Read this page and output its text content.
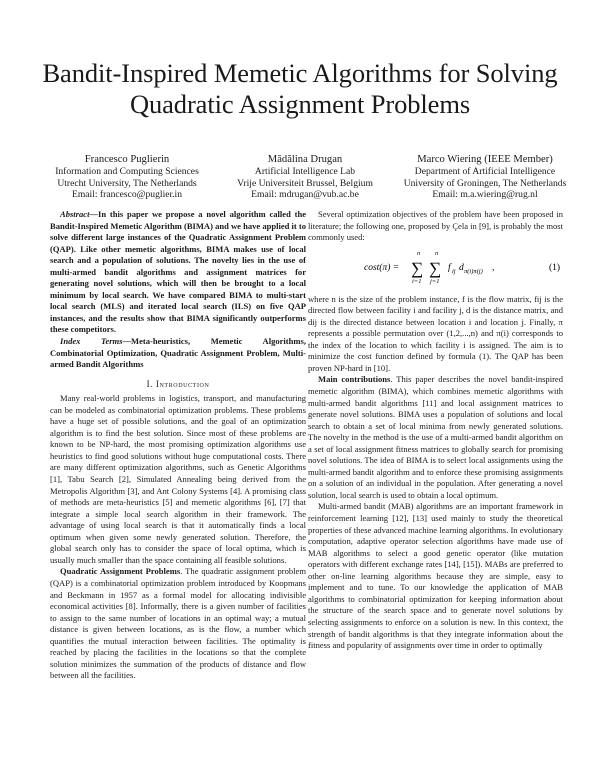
Bandit-Inspired Memetic Algorithms for Solving
Quadratic Assignment Problems
Francesco Puglierin
Information and Computing Sciences
Utrecht University, The Netherlands
Email: francesco@puglier.in
Mădălina Drugan
Artificial Intelligence Lab
Vrije Universiteit Brussel, Belgium
Email: mdrugan@vub.ac.be
Marco Wiering (IEEE Member)
Department of Artificial Intelligence
University of Groningen, The Netherlands
Email: m.a.wiering@rug.nl

Abstract—In this paper we propose a novel algorithm called the Bandit-Inspired Memetic Algorithm (BIMA) and we have applied it to solve different large instances of the Quadratic Assignment Problem (QAP). Like other memetic algorithms, BIMA makes use of local search and a population of solutions. The novelty lies in the use of multi-armed bandit algorithms and assignment matrices for generating novel solutions, which will then be brought to a local minimum by local search. We have compared BIMA to multi-start local search (MLS) and iterated local search (ILS) on five QAP instances, and the results show that BIMA significantly outperforms these competitors.

Index Terms—Meta-heuristics, Memetic Algorithms, Combinatorial Optimization, Quadratic Assignment Problem, Multi-armed Bandit Algorithms

I. Introduction

Many real-world problems in logistics, transport, and manufacturing can be modeled as combinatorial optimization problems. These problems have a huge set of possible solutions, and the goal of an optimization algorithm is to find the best solution. Since most of these problems are known to be NP-hard, the most promising optimization algorithms use heuristics to find good solutions without huge computational costs. There are many different optimization algorithms, such as Genetic Algorithms [1], Tabu Search [2], Simulated Annealing being derived from the Metropolis Algorithm [3], and Ant Colony Systems [4]. A promising class of methods are meta-heuristics [5] and memetic algorithms [6], [7] that integrate a simple local search algorithm in their framework. The advantage of using local search is that it automatically finds a local optimum when given some newly generated solution. Therefore, the global search only has to consider the space of local optima, which is usually much smaller than the space containing all feasible solutions.

Quadratic Assignment Problems. The quadratic assignment problem (QAP) is a combinatorial optimization problem introduced by Koopmans and Beckmann in 1957 as a formal model for allocating indivisible economical activities [8]. Informally, there is a given number of facilities to assign to the same number of locations in an optimal way; a mutual distance is given between locations, as is the flow, a number which quantifies the mutual interaction between facilities. The optimality is reached by placing the facilities in the locations so that the complete solution minimizes the summation of the products of distance and flow between all the facilities.

Several optimization objectives of the problem have been proposed in literature; the following one, proposed by Çela in [9], is probably the most commonly used:

cost(π) =
n
∑
i=1
n
∑
j=1
f ij d π(i)π(j) ,	(1)

where n is the size of the problem instance, f is the flow matrix, fij is the directed flow between facility i and facility j, d is the distance matrix, and dij is the directed distance between location i and location j. Finally, π represents a possible permutation over (1,2,...,n) and π(i) corresponds to the index of the location to which facility i is assigned. The aim is to minimize the cost function defined by formula (1). The QAP has been proven NP-hard in [10].

Main contributions. This paper describes the novel bandit-inspired memetic algorithm (BIMA), which combines memetic algorithms with multi-armed bandit algorithms [11] and local assignment matrices to generate novel solutions. BIMA uses a population of solutions and local search to obtain a set of local minima from newly generated solutions. The novelty in the method is the use of a multi-armed bandit algorithm on a set of local assignment fitness matrices to globally search for promising novel solutions. The idea of BIMA is to select local assignments using the multi-armed bandit algorithm and to enforce these promising assignments on a solution of an individual in the population. After generating a novel solution, local search is used to obtain a local optimum.

Multi-armed bandit (MAB) algorithms are an important framework in reinforcement learning [12], [13] used mainly to study the theoretical properties of these advanced machine learning algorithms. In evolutionary computation, adaptive operator selection algorithms have made use of MAB algorithms to select a good genetic operator (like mutation operators with different exchange rates [14], [15]). MABs are preferred to other on-line learning algorithms because they are simple, easy to implement and to tune. To our knowledge the application of MAB algorithms to combinatorial optimization for keeping information about the structure of the search space and to generate novel solutions by selecting assignments to enforce on a solution is new. In this context, the strength of bandit algorithms is that they integrate information about the fitness and popularity of assignments over time in order to optimally
